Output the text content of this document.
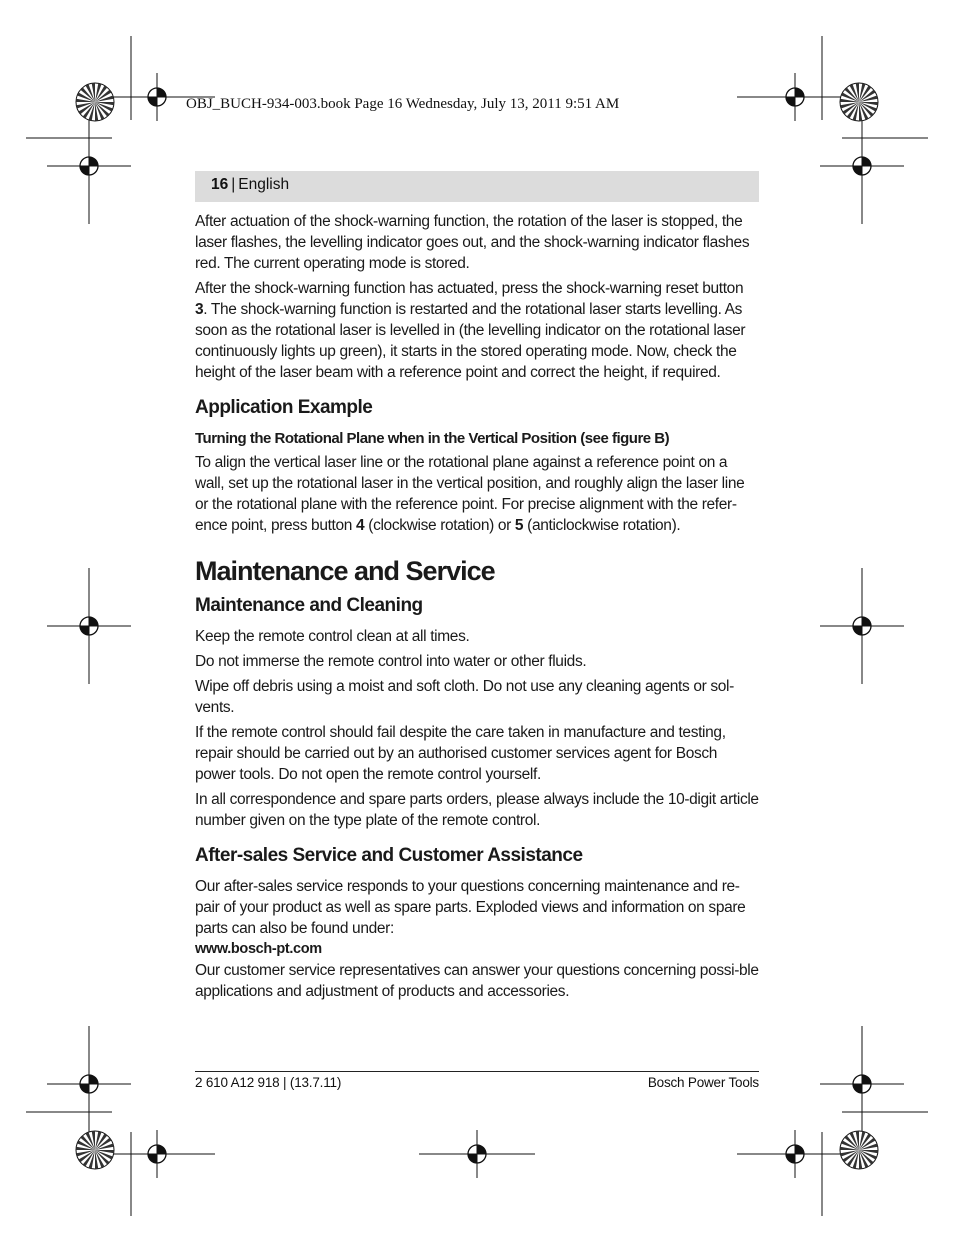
OBJ_BUCH-934-003.book Page 16 Wednesday, July 13, 2011 9:51 AM
16 | English

After actuation of the shock-warning function, the rotation of the laser is stopped, the laser flashes, the levelling indicator goes out, and the shock-warning indicator flashes red. The current operating mode is stored.

After the shock-warning function has actuated, press the shock-warning reset button 3. The shock-warning function is restarted and the rotational laser starts levelling. As soon as the rotational laser is levelled in (the levelling indicator on the rotational laser continuously lights up green), it starts in the stored operating mode. Now, check the height of the laser beam with a reference point and correct the height, if required.

Application Example
Turning the Rotational Plane when in the Vertical Position (see figure B)

To align the vertical laser line or the rotational plane against a reference point on a wall, set up the rotational laser in the vertical position, and roughly align the laser line or the rotational plane with the reference point. For precise alignment with the refer-ence point, press button 4 (clockwise rotation) or 5 (anticlockwise rotation).

Maintenance and Service
Maintenance and Cleaning

Keep the remote control clean at all times.

Do not immerse the remote control into water or other fluids.

Wipe off debris using a moist and soft cloth. Do not use any cleaning agents or sol-vents.

If the remote control should fail despite the care taken in manufacture and testing, repair should be carried out by an authorised customer services agent for Bosch power tools. Do not open the remote control yourself.

In all correspondence and spare parts orders, please always include the 10-digit article number given on the type plate of the remote control.

After-sales Service and Customer Assistance

Our after-sales service responds to your questions concerning maintenance and re-pair of your product as well as spare parts. Exploded views and information on spare parts can also be found under:

www.bosch-pt.com

Our customer service representatives can answer your questions concerning possi-ble applications and adjustment of products and accessories.

2 610 A12 918 | (13.7.11)	Bosch Power Tools
